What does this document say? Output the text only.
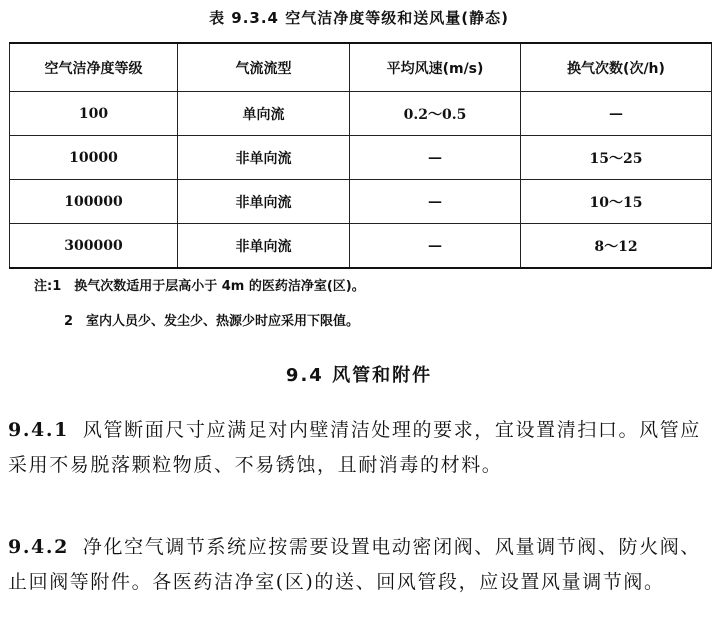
表 9.3.4 空气洁净度等级和送风量(静态)
空气洁净度等级	气流流型	平均风速(m/s)	换气次数(次/h)
100	单向流	0.2～0.5	—
10000	非单向流	—	15～25
100000	非单向流	—	10～15
300000	非单向流	—	8～12
注:1 换气次数适用于层高小于 4m 的医药洁净室(区)。
2 室内人员少、发尘少、热源少时应采用下限值。
9.4 风管和附件
9.4.1 风管断面尺寸应满足对内壁清洁处理的要求，宜设置清扫口。风管应采用不易脱落颗粒物质、不易锈蚀，且耐消毒的材料。
9.4.2 净化空气调节系统应按需要设置电动密闭阀、风量调节阀、防火阀、止回阀等附件。各医药洁净室(区)的送、回风管段，应设置风量调节阀。
